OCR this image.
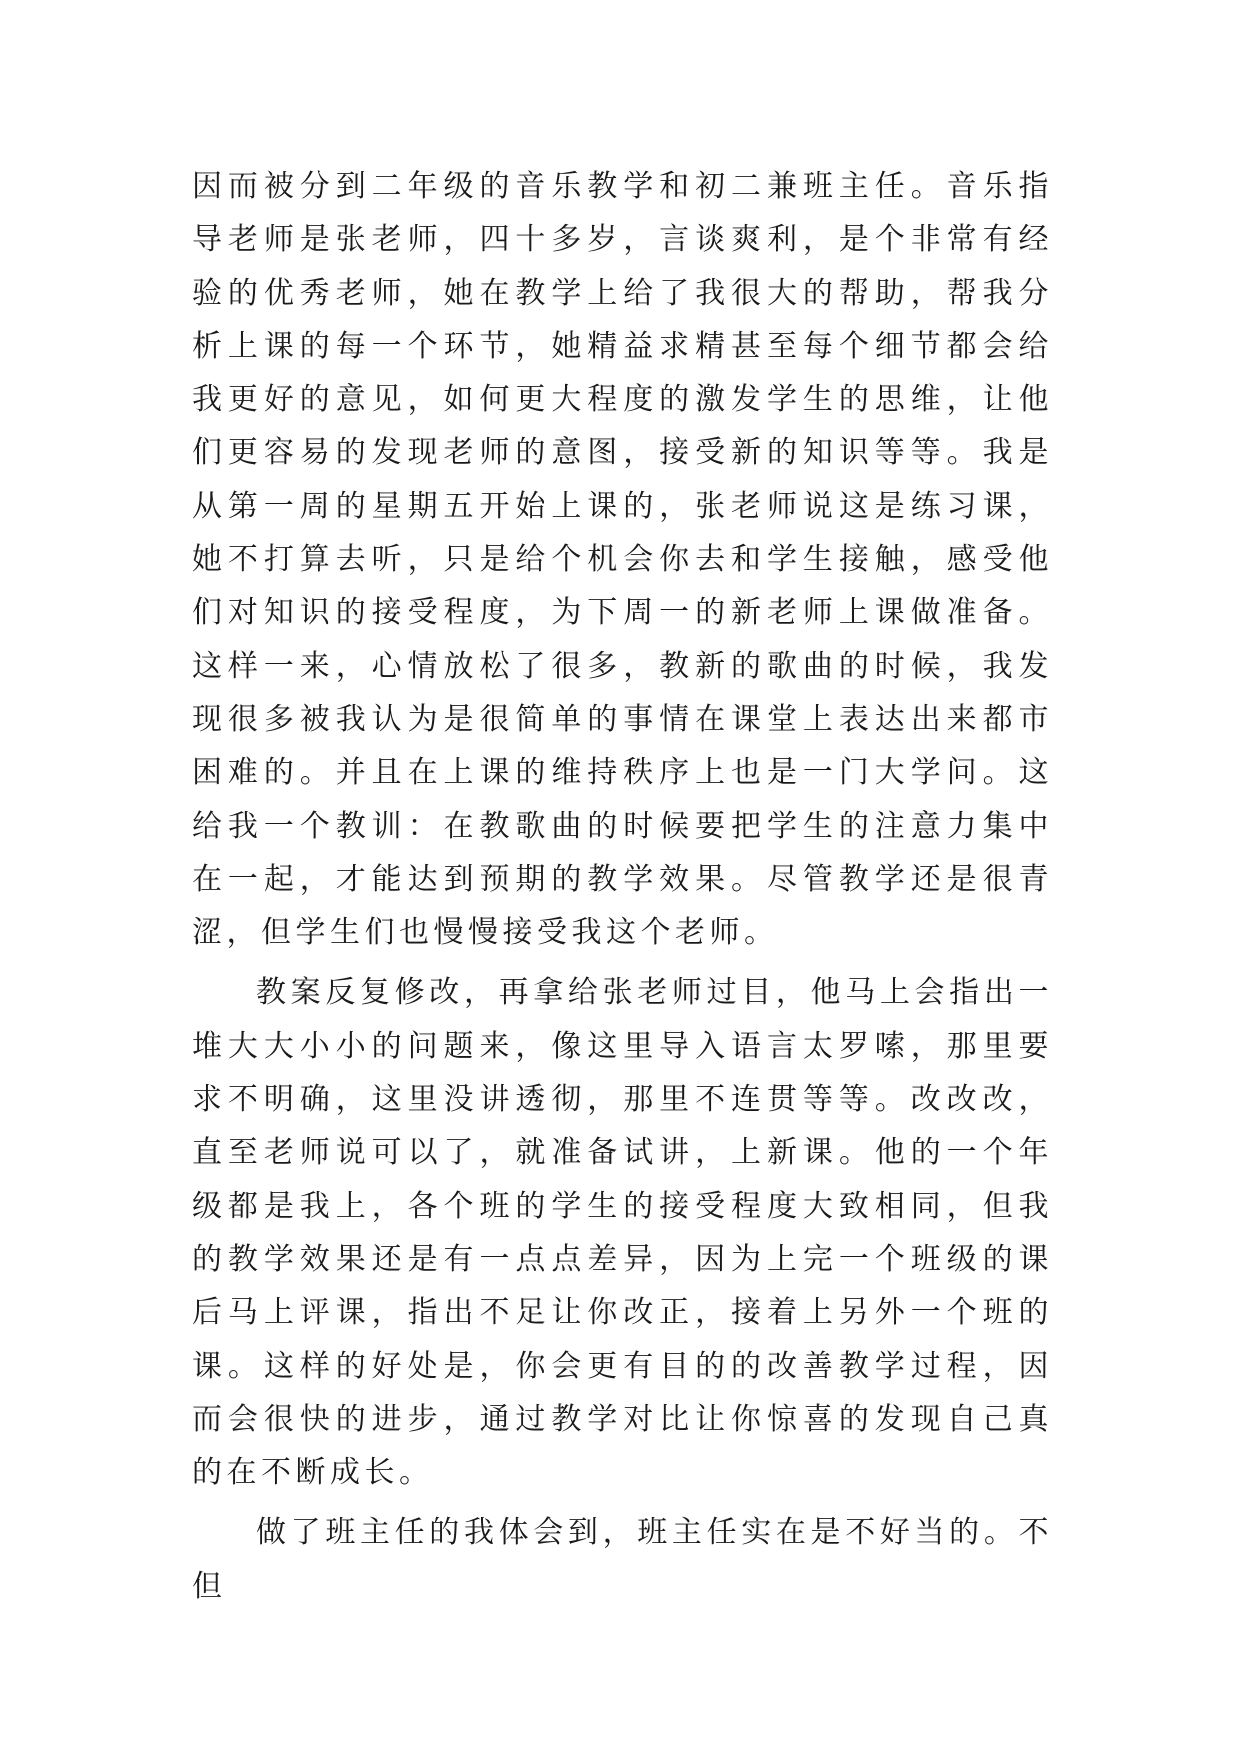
因而被分到二年级的音乐教学和初二兼班主任。音乐指导老师是张老师，四十多岁，言谈爽利，是个非常有经验的优秀老师，她在教学上给了我很大的帮助，帮我分析上课的每一个环节，她精益求精甚至每个细节都会给我更好的意见，如何更大程度的激发学生的思维，让他们更容易的发现老师的意图，接受新的知识等等。我是从第一周的星期五开始上课的，张老师说这是练习课，她不打算去听，只是给个机会你去和学生接触，感受他们对知识的接受程度，为下周一的新老师上课做准备。这样一来，心情放松了很多，教新的歌曲的时候，我发现很多被我认为是很简单的事情在课堂上表达出来都市困难的。并且在上课的维持秩序上也是一门大学问。这给我一个教训：在教歌曲的时候要把学生的注意力集中在一起，才能达到预期的教学效果。尽管教学还是很青涩，但学生们也慢慢接受我这个老师。

教案反复修改，再拿给张老师过目，他马上会指出一堆大大小小的问题来，像这里导入语言太罗嗦，那里要求不明确，这里没讲透彻，那里不连贯等等。改改改，直至老师说可以了，就准备试讲，上新课。他的一个年级都是我上，各个班的学生的接受程度大致相同，但我的教学效果还是有一点点差异，因为上完一个班级的课后马上评课，指出不足让你改正，接着上另外一个班的课。这样的好处是，你会更有目的的改善教学过程，因而会很快的进步，通过教学对比让你惊喜的发现自己真的在不断成长。

做了班主任的我体会到，班主任实在是不好当的。不但
